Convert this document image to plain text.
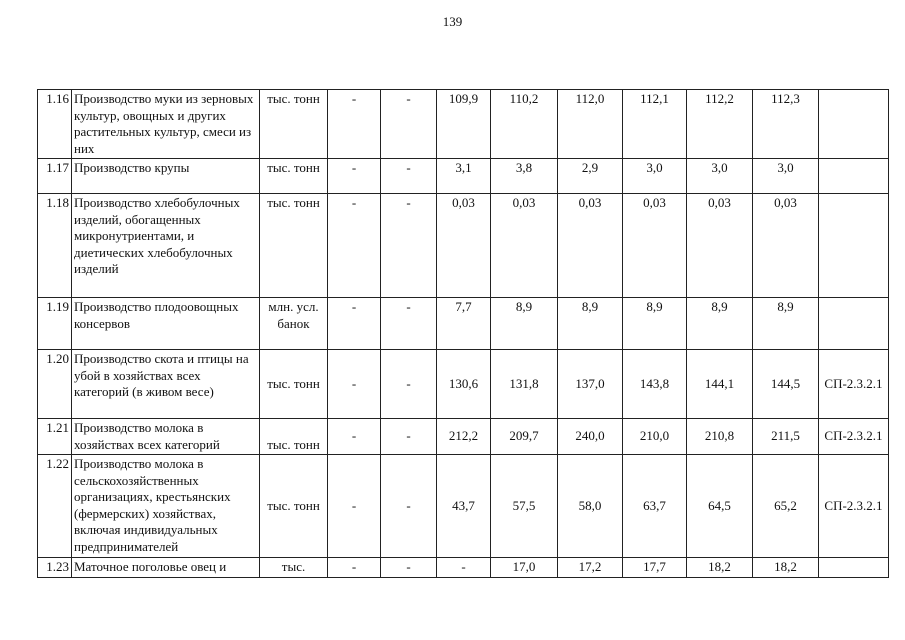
139
1.16	Производство муки из зерновых культур, овощных и других растительных культур, смеси из них	тыс. тонн	-	-	109,9	110,2	112,0	112,1	112,2	112,3	
1.17	Производство крупы	тыс. тонн	-	-	3,1	3,8	2,9	3,0	3,0	3,0	
1.18	Производство хлебобулочных изделий, обогащенных микронутриентами, и диетических хлебобулочных изделий	тыс. тонн	-	-	0,03	0,03	0,03	0,03	0,03	0,03	
1.19	Производство плодоовощных консервов	млн. усл. банок	-	-	7,7	8,9	8,9	8,9	8,9	8,9	
1.20	Производство скота и птицы на убой в хозяйствах всех категорий (в живом весе)	тыс. тонн	-	-	130,6	131,8	137,0	143,8	144,1	144,5	СП-2.3.2.1
1.21	Производство молока в хозяйствах всех категорий	тыс. тонн	-	-	212,2	209,7	240,0	210,0	210,8	211,5	СП-2.3.2.1
1.22	Производство молока в сельскохозяйственных организациях, крестьянских (фермерских) хозяйствах, включая индивидуальных предпринимателей	тыс. тонн	-	-	43,7	57,5	58,0	63,7	64,5	65,2	СП-2.3.2.1
1.23	Маточное поголовье овец и	тыс.	-	-	-	17,0	17,2	17,7	18,2	18,2	
